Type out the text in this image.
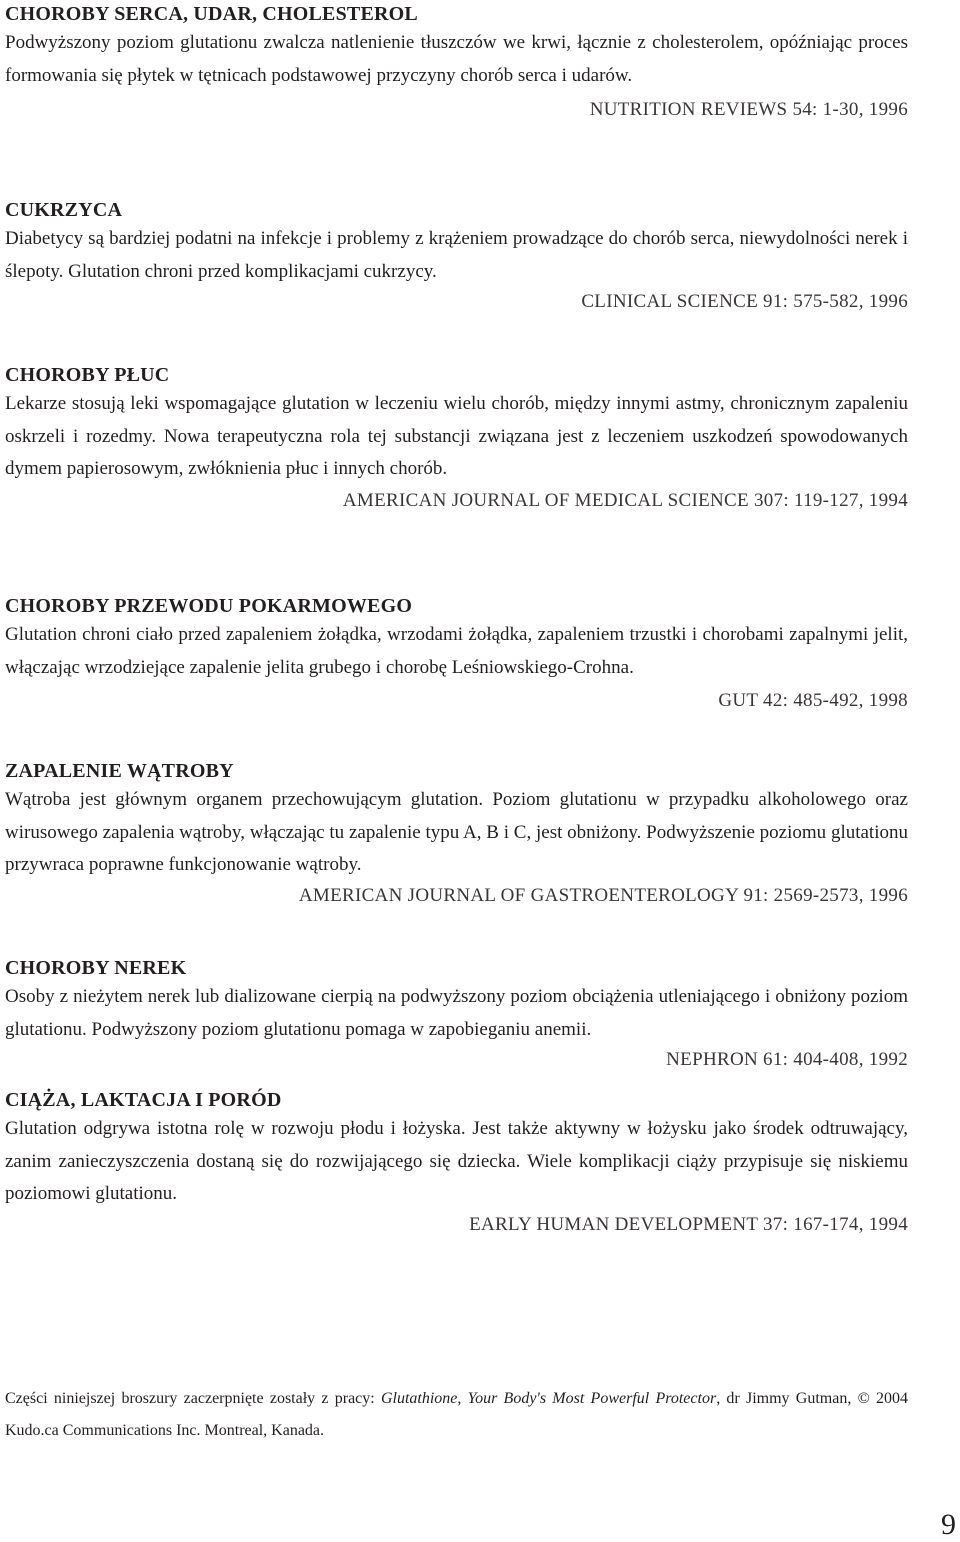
CHOROBY SERCA, UDAR, CHOLESTEROL

Podwyższony poziom glutationu zwalcza natlenienie tłuszczów we krwi, łącznie z cholesterolem, opóźniając proces formowania się płytek w tętnicach podstawowej przyczyny chorób serca i udarów.

NUTRITION REVIEWS 54: 1-30, 1996

CUKRZYCA

Diabetycy są bardziej podatni na infekcje i problemy z krążeniem prowadzące do chorób serca, niewydolności nerek i ślepoty. Glutation chroni przed komplikacjami cukrzycy.

CLINICAL SCIENCE 91: 575-582, 1996

CHOROBY PŁUC

Lekarze stosują leki wspomagające glutation w leczeniu wielu chorób, między innymi astmy, chronicznym zapaleniu oskrzeli i rozedmy. Nowa terapeutyczna rola tej substancji związana jest z leczeniem uszkodzeń spowodowanych dymem papierosowym, zwłóknienia płuc i innych chorób.

AMERICAN JOURNAL OF MEDICAL SCIENCE 307: 119-127, 1994

CHOROBY PRZEWODU POKARMOWEGO

Glutation chroni ciało przed zapaleniem żołądka, wrzodami żołądka, zapaleniem trzustki i chorobami zapalnymi jelit, włączając wrzodziejące zapalenie jelita grubego i chorobę Leśniowskiego-Crohna.

GUT 42: 485-492, 1998

ZAPALENIE WĄTROBY

Wątroba jest głównym organem przechowującym glutation. Poziom glutationu w przypadku alkoholowego oraz wirusowego zapalenia wątroby, włączając tu zapalenie typu A, B i C, jest obniżony. Podwyższenie poziomu glutationu przywraca poprawne funkcjonowanie wątroby.

AMERICAN JOURNAL OF GASTROENTEROLOGY 91: 2569-2573, 1996

CHOROBY NEREK

Osoby z nieżytem nerek lub dializowane cierpią na podwyższony poziom obciążenia utleniającego i obniżony poziom glutationu. Podwyższony poziom glutationu pomaga w zapobieganiu anemii.

NEPHRON 61: 404-408, 1992

CIĄŻA, LAKTACJA I PORÓD

Glutation odgrywa istotna rolę w rozwoju płodu i łożyska. Jest także aktywny w łożysku jako środek odtruwający, zanim zanieczyszczenia dostaną się do rozwijającego się dziecka. Wiele komplikacji ciąży przypisuje się niskiemu poziomowi glutationu.

EARLY HUMAN DEVELOPMENT 37: 167-174, 1994

Części niniejszej broszury zaczerpnięte zostały z pracy: Glutathione, Your Body's Most Powerful Protector, dr Jimmy Gutman, © 2004 Kudo.ca Communications Inc. Montreal, Kanada.
9
